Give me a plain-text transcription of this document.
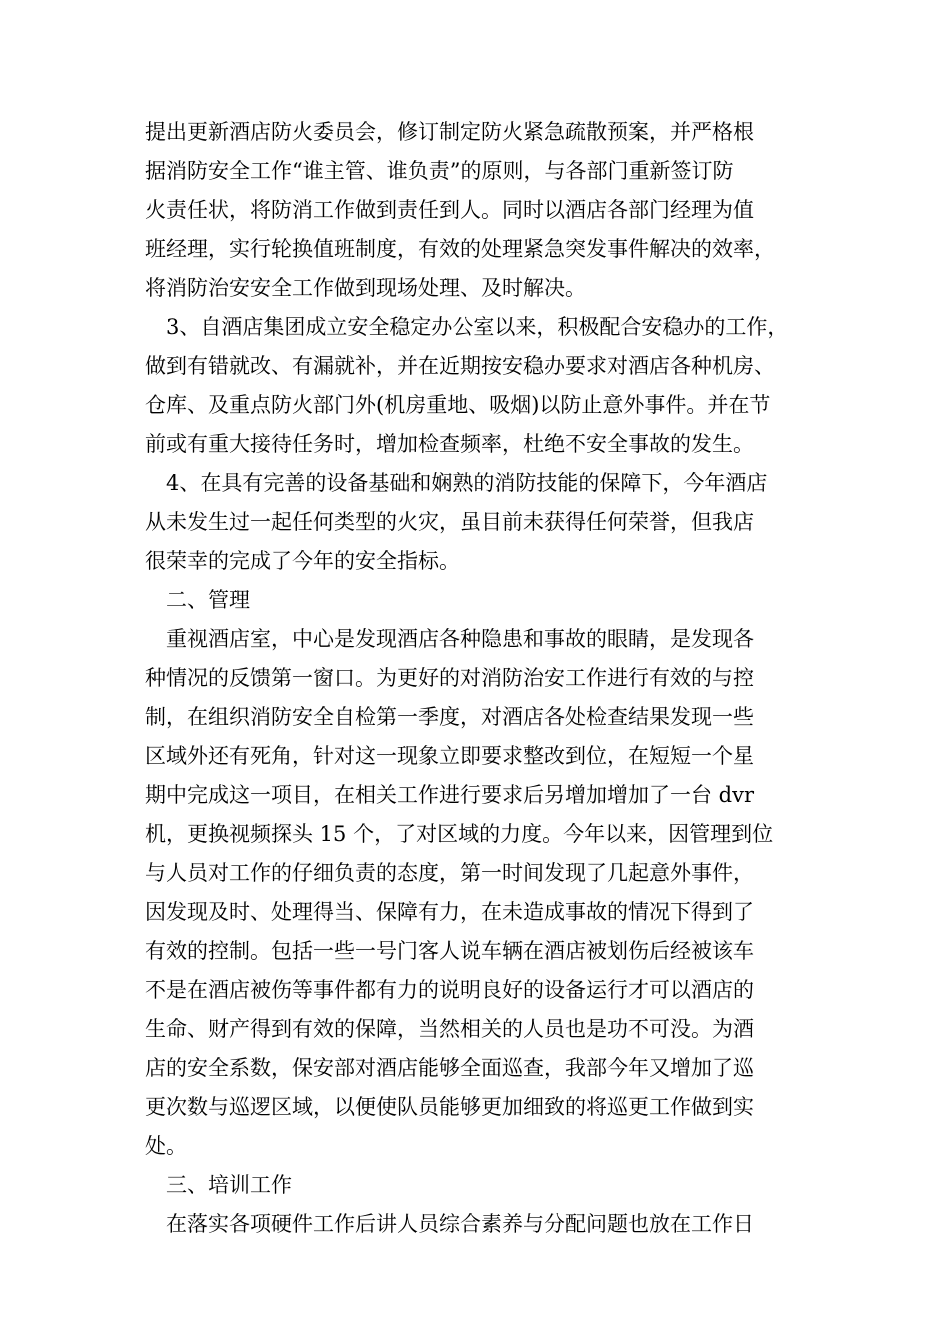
提出更新酒店防火委员会，修订制定防火紧急疏散预案，并严格根
据消防安全工作“谁主管、谁负责”的原则，与各部门重新签订防
火责任状，将防消工作做到责任到人。同时以酒店各部门经理为值
班经理，实行轮换值班制度，有效的处理紧急突发事件解决的效率，
将消防治安安全工作做到现场处理、及时解决。
3、自酒店集团成立安全稳定办公室以来，积极配合安稳办的工作，
做到有错就改、有漏就补，并在近期按安稳办要求对酒店各种机房、
仓库、及重点防火部门外(机房重地、吸烟)以防止意外事件。并在节
前或有重大接待任务时，增加检查频率，杜绝不安全事故的发生。
4、在具有完善的设备基础和娴熟的消防技能的保障下，今年酒店
从未发生过一起任何类型的火灾，虽目前未获得任何荣誉，但我店
很荣幸的完成了今年的安全指标。
二、管理
重视酒店室，中心是发现酒店各种隐患和事故的眼睛，是发现各
种情况的反馈第一窗口。为更好的对消防治安工作进行有效的与控
制，在组织消防安全自检第一季度，对酒店各处检查结果发现一些
区域外还有死角，针对这一现象立即要求整改到位，在短短一个星
期中完成这一项目，在相关工作进行要求后另增加增加了一台 dvr
机，更换视频探头 15 个，了对区域的力度。今年以来，因管理到位
与人员对工作的仔细负责的态度，第一时间发现了几起意外事件，
因发现及时、处理得当、保障有力，在未造成事故的情况下得到了
有效的控制。包括一些一号门客人说车辆在酒店被划伤后经被该车
不是在酒店被伤等事件都有力的说明良好的设备运行才可以酒店的
生命、财产得到有效的保障，当然相关的人员也是功不可没。为酒
店的安全系数，保安部对酒店能够全面巡查，我部今年又增加了巡
更次数与巡逻区域，以便使队员能够更加细致的将巡更工作做到实
处。
三、培训工作
在落实各项硬件工作后讲人员综合素养与分配问题也放在工作日
